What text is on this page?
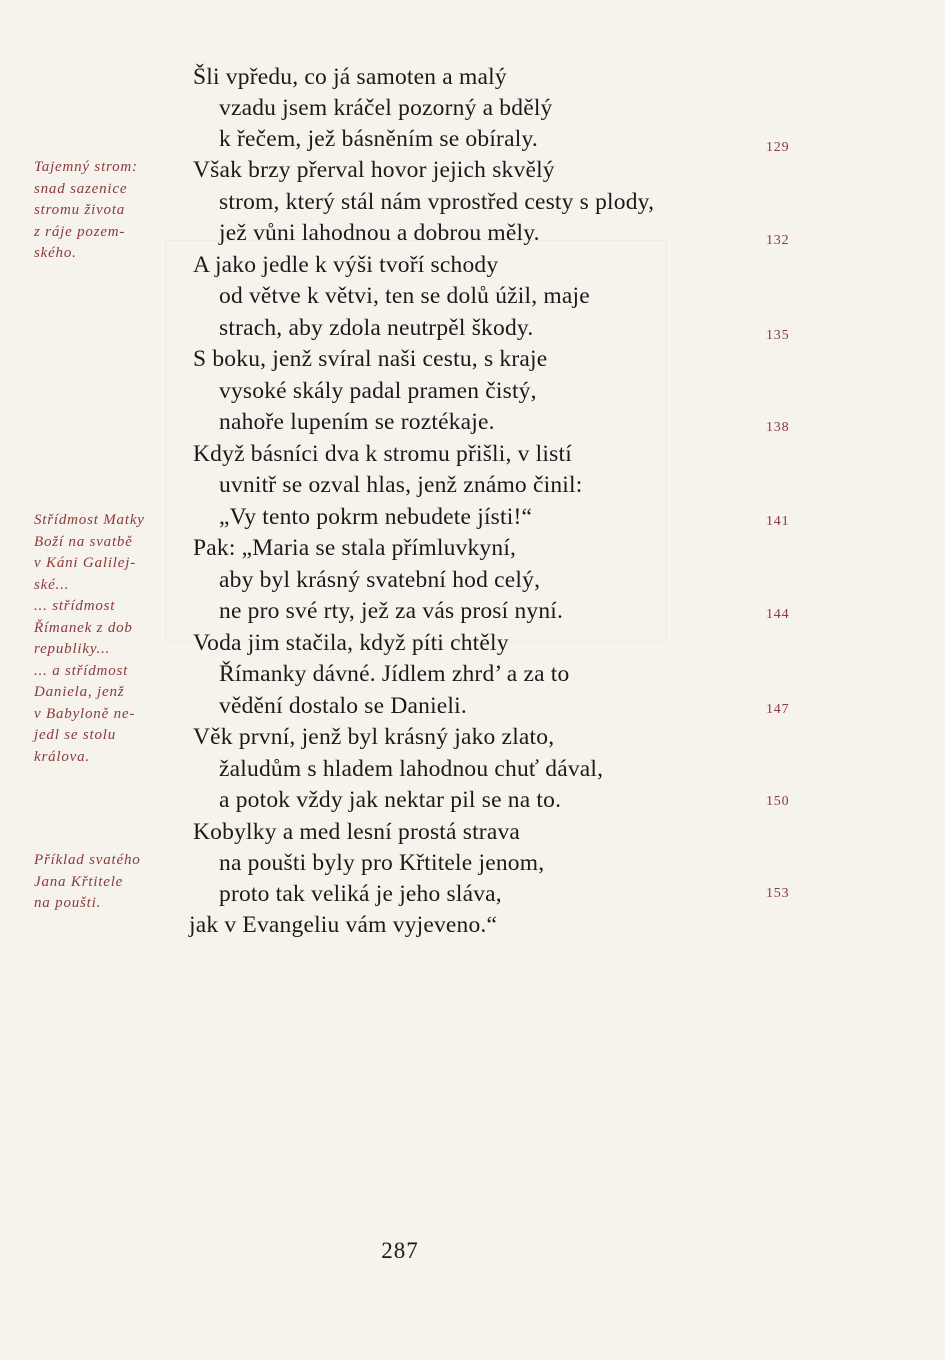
Tajemný strom:
snad sazenice
stromu života
z ráje pozem-
ského.
Střídmost Matky
Boží na svatbě
v Káni Galilej-
ské...
... střídmost
Římanek z dob
republiky...
... a střídmost
Daniela, jenž
v Babyloně ne-
jedl se stolu
králova.
Příklad svatého
Jana Křtitele
na poušti.
Šli vpředu, co já samoten a malý
vzadu jsem kráčel pozorný a bdělý
k řečem, jež básněním se obíraly.
Však brzy přerval hovor jejich skvělý
strom, který stál nám vprostřed cesty s plody,
jež vůni lahodnou a dobrou měly.
A jako jedle k výši tvoří schody
od větve k větvi, ten se dolů úžil, maje
strach, aby zdola neutrpěl škody.
S boku, jenž svíral naši cestu, s kraje
vysoké skály padal pramen čistý,
nahoře lupením se roztékaje.
Když básníci dva k stromu přišli, v listí
uvnitř se ozval hlas, jenž známo činil:
„Vy tento pokrm nebudete jísti!“
Pak: „Maria se stala přímluvkyní,
aby byl krásný svatební hod celý,
ne pro své rty, jež za vás prosí nyní.
Voda jim stačila, když píti chtěly
Římanky dávné. Jídlem zhrd’ a za to
vědění dostalo se Danieli.
Věk první, jenž byl krásný jako zlato,
žaludům s hladem lahodnou chuť dával,
a potok vždy jak nektar pil se na to.
Kobylky a med lesní prostá strava
na poušti byly pro Křtitele jenom,
proto tak veliká je jeho sláva,
jak v Evangeliu vám vyjeveno.“
129
132
135
138
141
144
147
150
153
287
